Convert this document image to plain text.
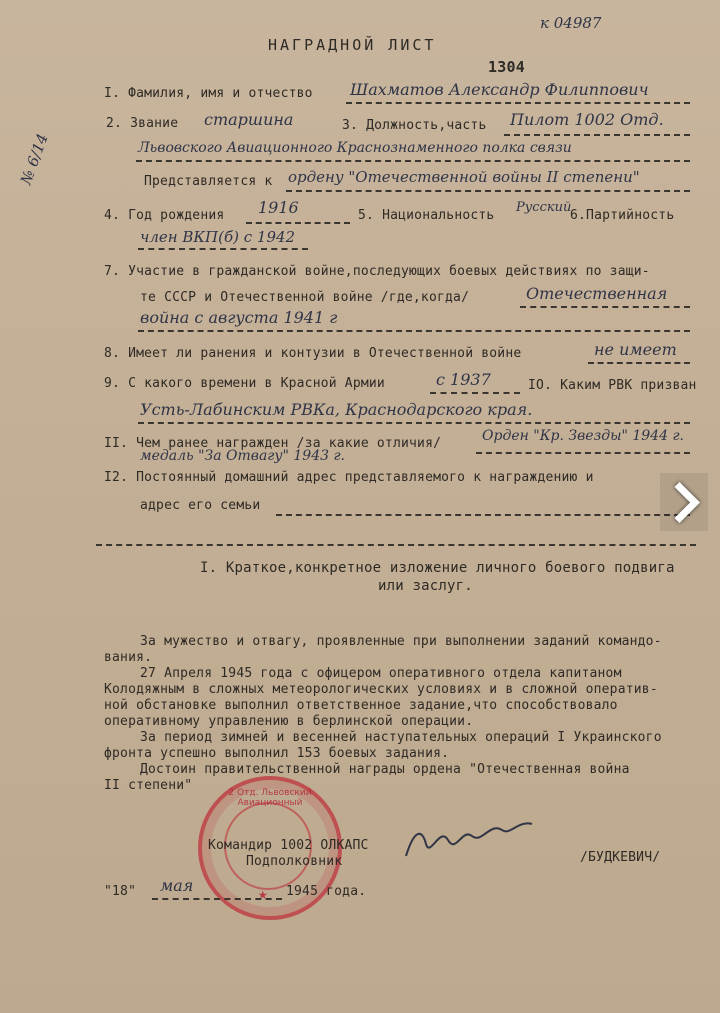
к 04987
НАГРАДНОЙ ЛИСТ
1304
№ 6/14
I. Фамилия, имя и отчество Шахматов Александр Филиппович
2. Звание старшина	3. Должность,часть Пилот 1002 Отд.
Львовского Авиационного Краснознаменного полка связи
Представляется к ордену "Отечественной войны II степени"
4. Год рождения 1916	5. Национальность
Русский
6.Партийность
член ВКП(б) с 1942
7. Участие в гражданской войне,последующих боевых действиях по защи-
те СССР и Отечественной войне /где,когда/	Отечественная
война с августа 1941 г
8. Имеет ли ранения и контузии в Отечественной войне	не имеет
9. С какого времени в Красной Армии	с 1937	IO. Каким РВК призван
Усть-Лабинским РВКа, Краснодарского края.
II. Чем ранее награжден /за какие отличия/	Орден "Кр. Звезды" 1944 г.
медаль "За Отвагу" 1943 г.
I2. Постоянный домашний адрес представляемого к награждению и
адрес его семьи
I. Краткое,конкретное изложение личного боевого подвига
или заслуг.
За мужество и отвагу, проявленные при выполнении заданий командо-
вания.
27 Апреля 1945 года с офицером оперативного отдела капитаном
Колодяжным в сложных метеорологических условиях и в сложной оператив-
ной обстановке выполнил ответственное задание,что способствовало
оперативному управлению в берлинской операции.
За период зимней и весенней наступательных операций I Украинского
фронта успешно выполнил 153 боевых задания.
Достоин правительственной награды ордена "Отечественная война
II степени"	2 Отд. Львовский Авиационный
★
Командир 1002 ОЛКАПС
Подполковник	/БУДКЕВИЧ/
"18" мая	1945 года.
